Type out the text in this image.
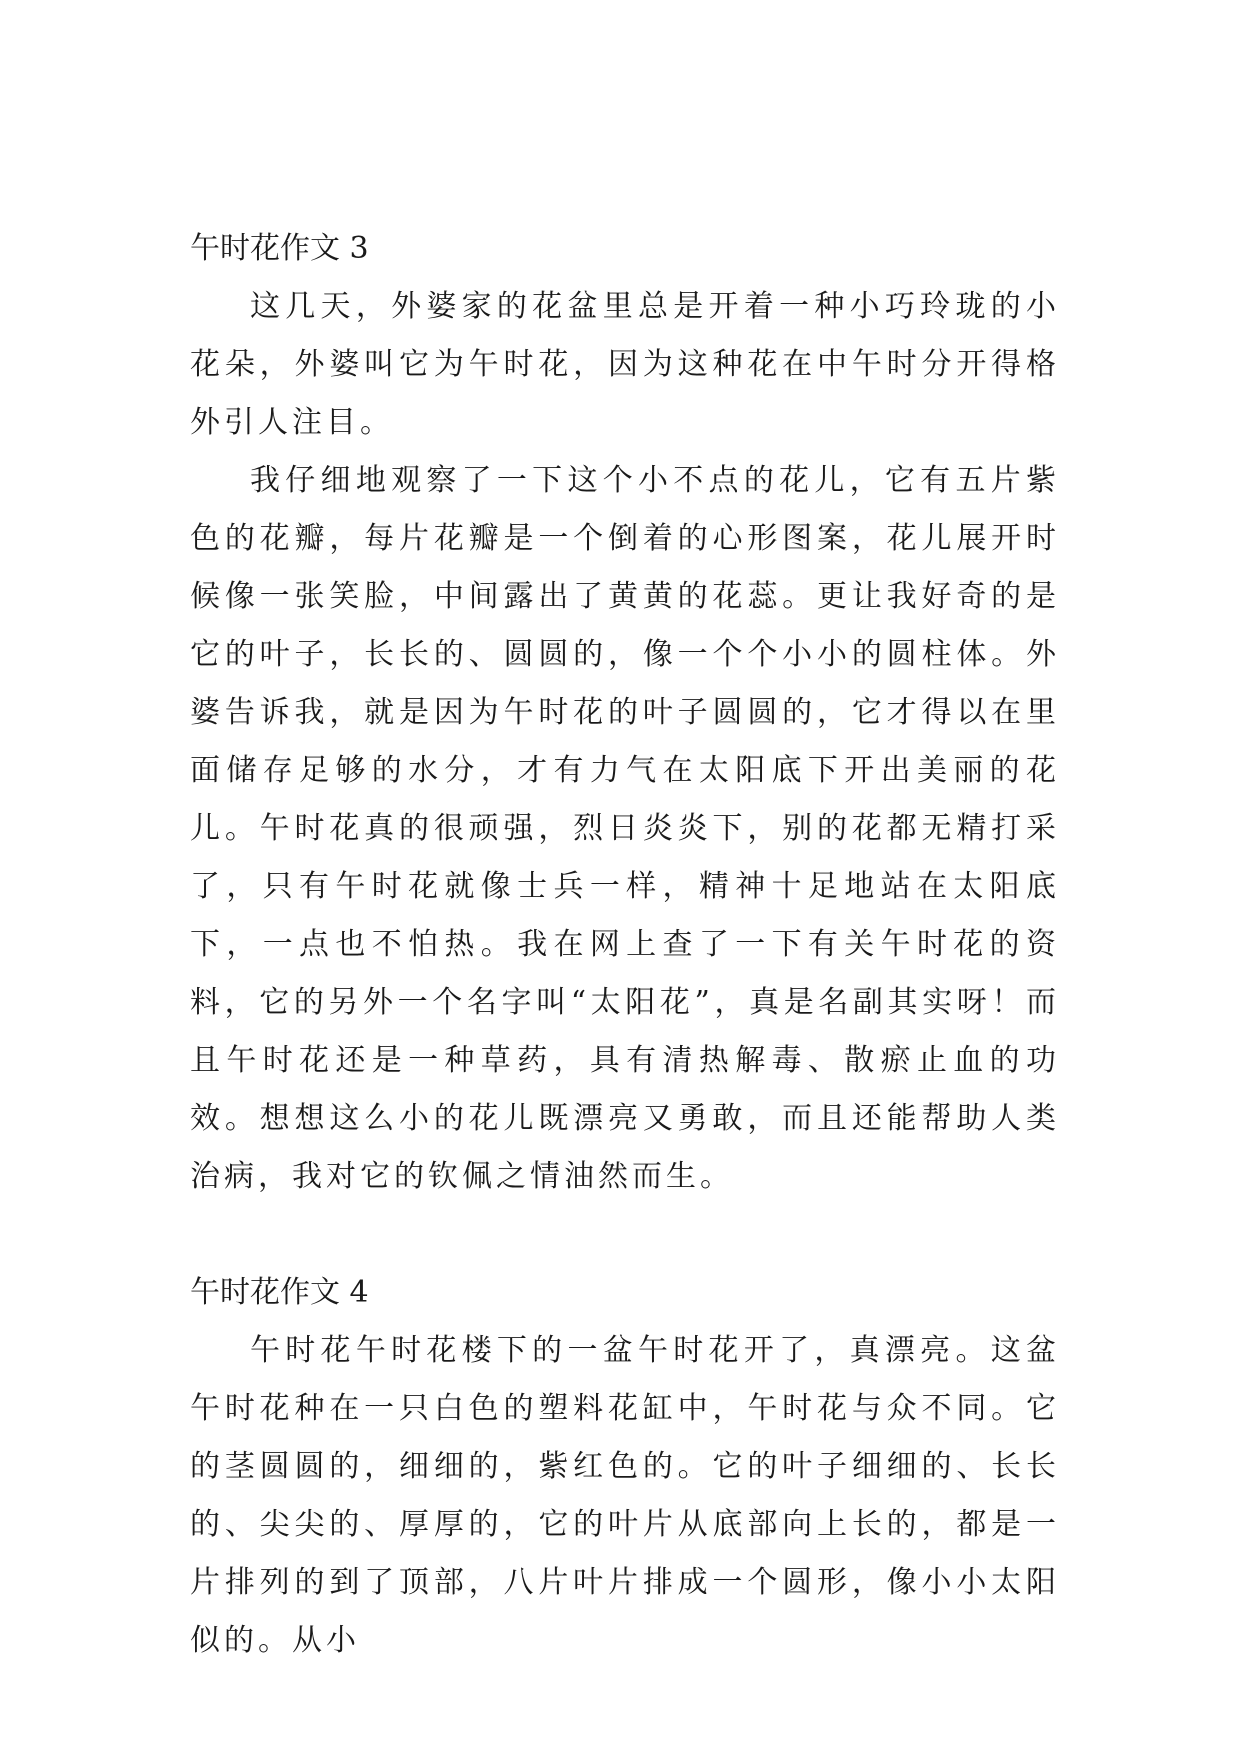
午时花作文 3

这几天，外婆家的花盆里总是开着一种小巧玲珑的小花朵，外婆叫它为午时花，因为这种花在中午时分开得格外引人注目。

我仔细地观察了一下这个小不点的花儿，它有五片紫色的花瓣，每片花瓣是一个倒着的心形图案，花儿展开时候像一张笑脸，中间露出了黄黄的花蕊。更让我好奇的是它的叶子，长长的、圆圆的，像一个个小小的圆柱体。外婆告诉我，就是因为午时花的叶子圆圆的，它才得以在里面储存足够的水分，才有力气在太阳底下开出美丽的花儿。午时花真的很顽强，烈日炎炎下，别的花都无精打采了，只有午时花就像士兵一样，精神十足地站在太阳底下，一点也不怕热。我在网上查了一下有关午时花的资料，它的另外一个名字叫“太阳花”，真是名副其实呀！而且午时花还是一种草药，具有清热解毒、散瘀止血的功效。想想这么小的花儿既漂亮又勇敢，而且还能帮助人类治病，我对它的钦佩之情油然而生。

午时花作文 4

午时花午时花楼下的一盆午时花开了，真漂亮。这盆午时花种在一只白色的塑料花缸中，午时花与众不同。它的茎圆圆的，细细的，紫红色的。它的叶子细细的、长长的、尖尖的、厚厚的，它的叶片从底部向上长的，都是一片排列的到了顶部，八片叶片排成一个圆形，像小小太阳似的。从小
